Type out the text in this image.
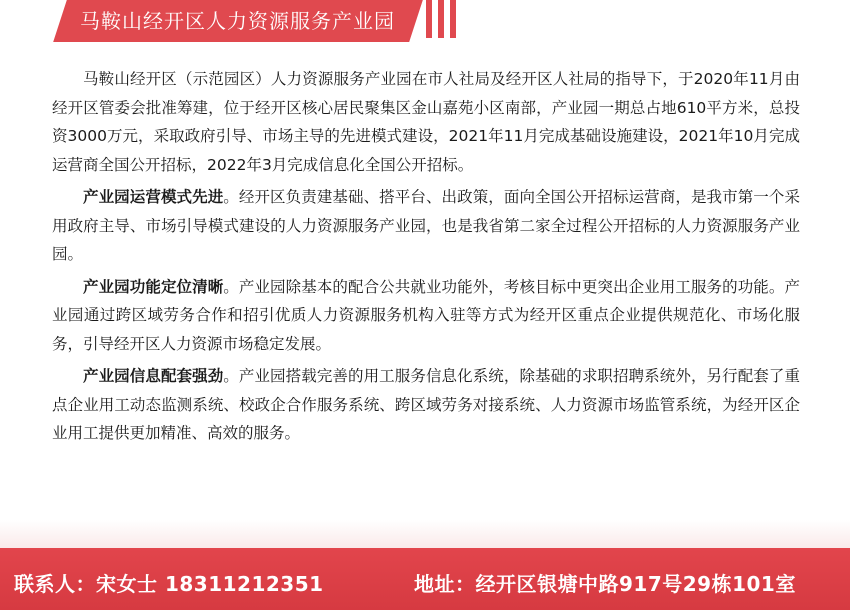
马鞍山经开区人力资源服务产业园

马鞍山经开区（示范园区）人力资源服务产业园在市人社局及经开区人社局的指导下，于2020年11月由经开区管委会批准筹建，位于经开区核心居民聚集区金山嘉苑小区南部，产业园一期总占地610平方米，总投资3000万元，采取政府引导、市场主导的先进模式建设，2021年11月完成基础设施建设，2021年10月完成运营商全国公开招标，2022年3月完成信息化全国公开招标。

产业园运营模式先进。经开区负责建基础、搭平台、出政策，面向全国公开招标运营商，是我市第一个采用政府主导、市场引导模式建设的人力资源服务产业园，也是我省第二家全过程公开招标的人力资源服务产业园。

产业园功能定位清晰。产业园除基本的配合公共就业功能外，考核目标中更突出企业用工服务的功能。产业园通过跨区域劳务合作和招引优质人力资源服务机构入驻等方式为经开区重点企业提供规范化、市场化服务，引导经开区人力资源市场稳定发展。

产业园信息配套强劲。产业园搭载完善的用工服务信息化系统，除基础的求职招聘系统外，另行配套了重点企业用工动态监测系统、校政企合作服务系统、跨区域劳务对接系统、人力资源市场监管系统，为经开区企业用工提供更加精准、高效的服务。

联系人：宋女士 18311212351	地址：经开区银塘中路917号29栋101室
